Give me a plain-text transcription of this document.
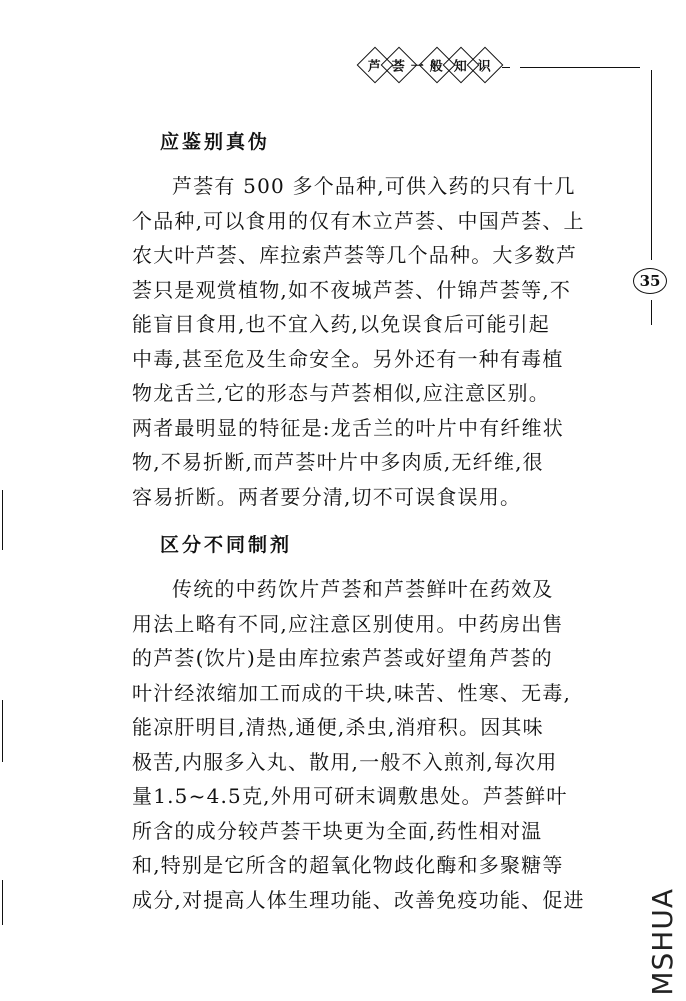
芦 荟 一 般 知 识
35
应鉴别真伪

芦荟有 500 多个品种,可供入药的只有十几
个品种,可以食用的仅有木立芦荟、中国芦荟、上
农大叶芦荟、库拉索芦荟等几个品种。大多数芦
荟只是观赏植物,如不夜城芦荟、什锦芦荟等,不
能盲目食用,也不宜入药,以免误食后可能引起
中毒,甚至危及生命安全。另外还有一种有毒植
物龙舌兰,它的形态与芦荟相似,应注意区别。
两者最明显的特征是:龙舌兰的叶片中有纤维状
物,不易折断,而芦荟叶片中多肉质,无纤维,很
容易折断。两者要分清,切不可误食误用。

区分不同制剂

传统的中药饮片芦荟和芦荟鲜叶在药效及
用法上略有不同,应注意区别使用。中药房出售
的芦荟(饮片)是由库拉索芦荟或好望角芦荟的
叶汁经浓缩加工而成的干块,味苦、性寒、无毒,
能凉肝明目,清热,通便,杀虫,消疳积。因其味
极苦,内服多入丸、散用,一般不入煎剂,每次用
量1.5~4.5克,外用可研末调敷患处。芦荟鲜叶
所含的成分较芦荟干块更为全面,药性相对温
和,特别是它所含的超氧化物歧化酶和多聚糖等
成分,对提高人体生理功能、改善免疫功能、促进	MSHUA
